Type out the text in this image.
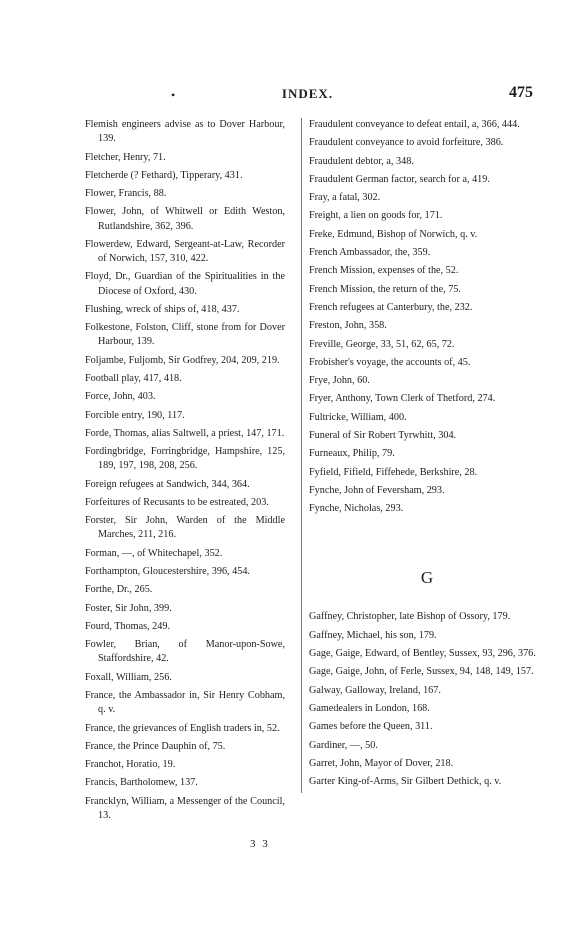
•	INDEX.	475
Flemish engineers advise as to Dover Harbour, 139.
Fletcher, Henry, 71.
Fletcherde (? Fethard), Tipperary, 431.
Flower, Francis, 88.
Flower, John, of Whitwell or Edith Weston, Rutlandshire, 362, 396.
Flowerdew, Edward, Sergeant-at-Law, Recorder of Norwich, 157, 310, 422.
Floyd, Dr., Guardian of the Spiritualities in the Diocese of Oxford, 430.
Flushing, wreck of ships of, 418, 437.
Folkestone, Folston, Cliff, stone from for Dover Harbour, 139.
Foljambe, Fuljomb, Sir Godfrey, 204, 209, 219.
Football play, 417, 418.
Force, John, 403.
Forcible entry, 190, 117.
Forde, Thomas, alias Saltwell, a priest, 147, 171.
Fordingbridge, Forringbridge, Hampshire, 125, 189, 197, 198, 208, 256.
Foreign refugees at Sandwich, 344, 364.
Forfeitures of Recusants to be estreated, 203.
Forster, Sir John, Warden of the Middle Marches, 211, 216.
Forman, —, of Whitechapel, 352.
Forthampton, Gloucestershire, 396, 454.
Forthe, Dr., 265.
Foster, Sir John, 399.
Fourd, Thomas, 249.
Fowler, Brian, of Manor-upon-Sowe, Staffordshire, 42.
Foxall, William, 256.
France, the Ambassador in, Sir Henry Cobham, q. v.
France, the grievances of English traders in, 52.
France, the Prince Dauphin of, 75.
Franchot, Horatio, 19.
Francis, Bartholomew, 137.
Francklyn, William, a Messenger of the Council, 13.
Fraudulent conveyance to defeat entail, a, 366, 444.
Fraudulent conveyance to avoid forfeiture, 386.
Fraudulent debtor, a, 348.
Fraudulent German factor, search for a, 419.
Fray, a fatal, 302.
Freight, a lien on goods for, 171.
Freke, Edmund, Bishop of Norwich, q. v.
French Ambassador, the, 359.
French Mission, expenses of the, 52.
French Mission, the return of the, 75.
French refugees at Canterbury, the, 232.
Freston, John, 358.
Freville, George, 33, 51, 62, 65, 72.
Frobisher's voyage, the accounts of, 45.
Frye, John, 60.
Fryer, Anthony, Town Clerk of Thetford, 274.
Fultricke, William, 400.
Funeral of Sir Robert Tyrwhitt, 304.
Furneaux, Philip, 79.
Fyfield, Fifield, Fiffehede, Berkshire, 28.
Fynche, John of Feversham, 293.
Fynche, Nicholas, 293.
G
Gaffney, Christopher, late Bishop of Ossory, 179.
Gaffney, Michael, his son, 179.
Gage, Gaige, Edward, of Bentley, Sussex, 93, 296, 376.
Gage, Gaige, John, of Ferle, Sussex, 94, 148, 149, 157.
Galway, Galloway, Ireland, 167.
Gamedealers in London, 168.
Games before the Queen, 311.
Gardiner, —, 50.
Garret, John, Mayor of Dover, 218.
Garter King-of-Arms, Sir Gilbert Dethick, q. v.
3 3
